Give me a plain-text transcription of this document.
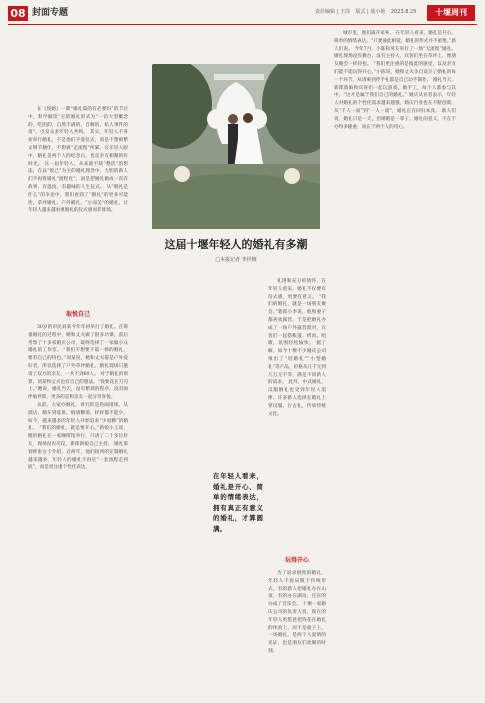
08 封面专题	责任编辑 | 王玮 版式 | 聂小艳 2023.8.25	十堰周刊

在《悦婚》一期“婚礼篇的有必要吗”的节目中，科学解读“它的婚礼形式为”一切大型概念的，吃团的，自然丰满的，自嗨的，私人事件的请”，引发众多年轻人共鸣。 其实，年轻人不喜欢举行婚礼，不是他们不爱仪式，而是不想被繁文缛节捆住，不想被“走流程”所累。在年轻人眼中，婚礼是两个人的纪念日，也是亲友相聚的好时光。 这一届年轻人，从来就不缺“整活”的想法，在以“悦己”为主的婚礼理念中，大胆的新人们不再将婚礼“流程化”，而是把婚礼做成一次有故事、有温度、有趣味的人生仪式。 从“婚礼是什么”的争论中，我们看到了“婚礼”的更多可能性。草坪婚礼、户外婚礼、“小而美”的婚礼，让年轻人越来越看重婚礼的仪式感而非排场。

取悦自己

30岁的市民刘某今年年初举行了婚礼。在筹备婚礼的过程中，她和丈夫做了很多功课，前后考察了十多家婚庆公司，最终选择了一家做小众婚礼的工作室。 “我们不想要千篇一律的婚礼，要有自己的特色。”刘某说，她和丈夫都是户外爱好者，所以选择了户外草坪婚礼。婚礼现场只邀请了双方的亲友，一共不到60人。 对于婚礼的预算，刘某和丈夫也有自己的想法。“钱要花在刀刃上。”她说，婚礼当天，没有繁琐的程序，没有闹伴娘伴郎，更多的是和亲友一起分享喜悦。

从前，大家办婚礼，讲究的是热闹排场，从酒店、婚车到宴席、烟酒糖茶，样样都不能少。如今，越来越多的年轻人开始追求“少而精”的婚礼。 “我们的婚礼，就是要开心。”新娘小王说，她的婚礼在一家咖啡馆举行，只请了二十多位好友，现场没有司仪，新郎新娘自己主持。 婚礼策划师张女士介绍，近两年，他们接到的定制婚礼越来越多。年轻人的婚礼不再是“一套流程走到底”，而是更注重个性化表达。

这届十堰年轻人的婚礼有多潮
□本报记者 李世檀

礼现和充分的情怀，在年轻人看来，婚礼不仅要有仪式感，更要有意义。 “我们的婚礼，就是一场朋友聚会。”新郎小李说，他和妻子都喜欢露营，于是把婚礼办成了一场户外露营派对，宾客们一起搭帐篷、烤肉、唱歌，氛围轻松愉快。 据了解，如今十堰不少婚庆公司推出了“轻婚礼”“小型婚礼”等产品，价格从几千元到几万元不等，满足不同新人的需求。 此外，中式婚礼、汉服婚礼也受到年轻人追捧。许多新人选择在婚礼上穿汉服、行古礼，传承传统文化。

玩得开心

为了追求极致的婚礼，年轻人不再局限于传统形式。有的新人把婚礼办在山顶，有的办在湖边，还有的办成了音乐会。 十堰一家婚庆公司的负责人说，现在的年轻人更愿意把钱花在婚礼的体验上，而不是面子上。一场婚礼，是两个人爱情的见证，也是朋友们欢聚的时刻。

在年轻人看来，婚礼是开心、简单的情绪表达，拥有真正有意义的婚礼，才算圆满。

城市里，他们离开家乡。 在年轻人看来，婚礼是开心、简单的情绪表达。“只要彼此相爱，婚礼的形式并不重要。”新人们说。 今年7月，小陈和男友举行了一场“无流程”婚礼。婚礼现场没有舞台，没有主持人，宾客们坐在草坪上，像朋友聚会一样轻松。 “我们更注重的是彼此的感受，以及亲友们能不能玩得开心。”小陈说，她和丈夫亲自设计了婚礼的每一个环节，从请柬到伴手礼都是自己动手制作。 婚礼当天，新郎新娘和宾客们一起玩游戏、做手工，每个人都参与其中。“这才是属于我们自己的婚礼。” 婚庆从业者表示，年轻人对婚礼的个性化需求越来越强，婚庆行业也在不断创新。从“千人一面”到“一人一面”，婚礼正在回归本真。 新人们说，婚礼只是一天，但婚姻是一辈子。婚礼的意义，不在于办得多隆重，而在于两个人的用心。
